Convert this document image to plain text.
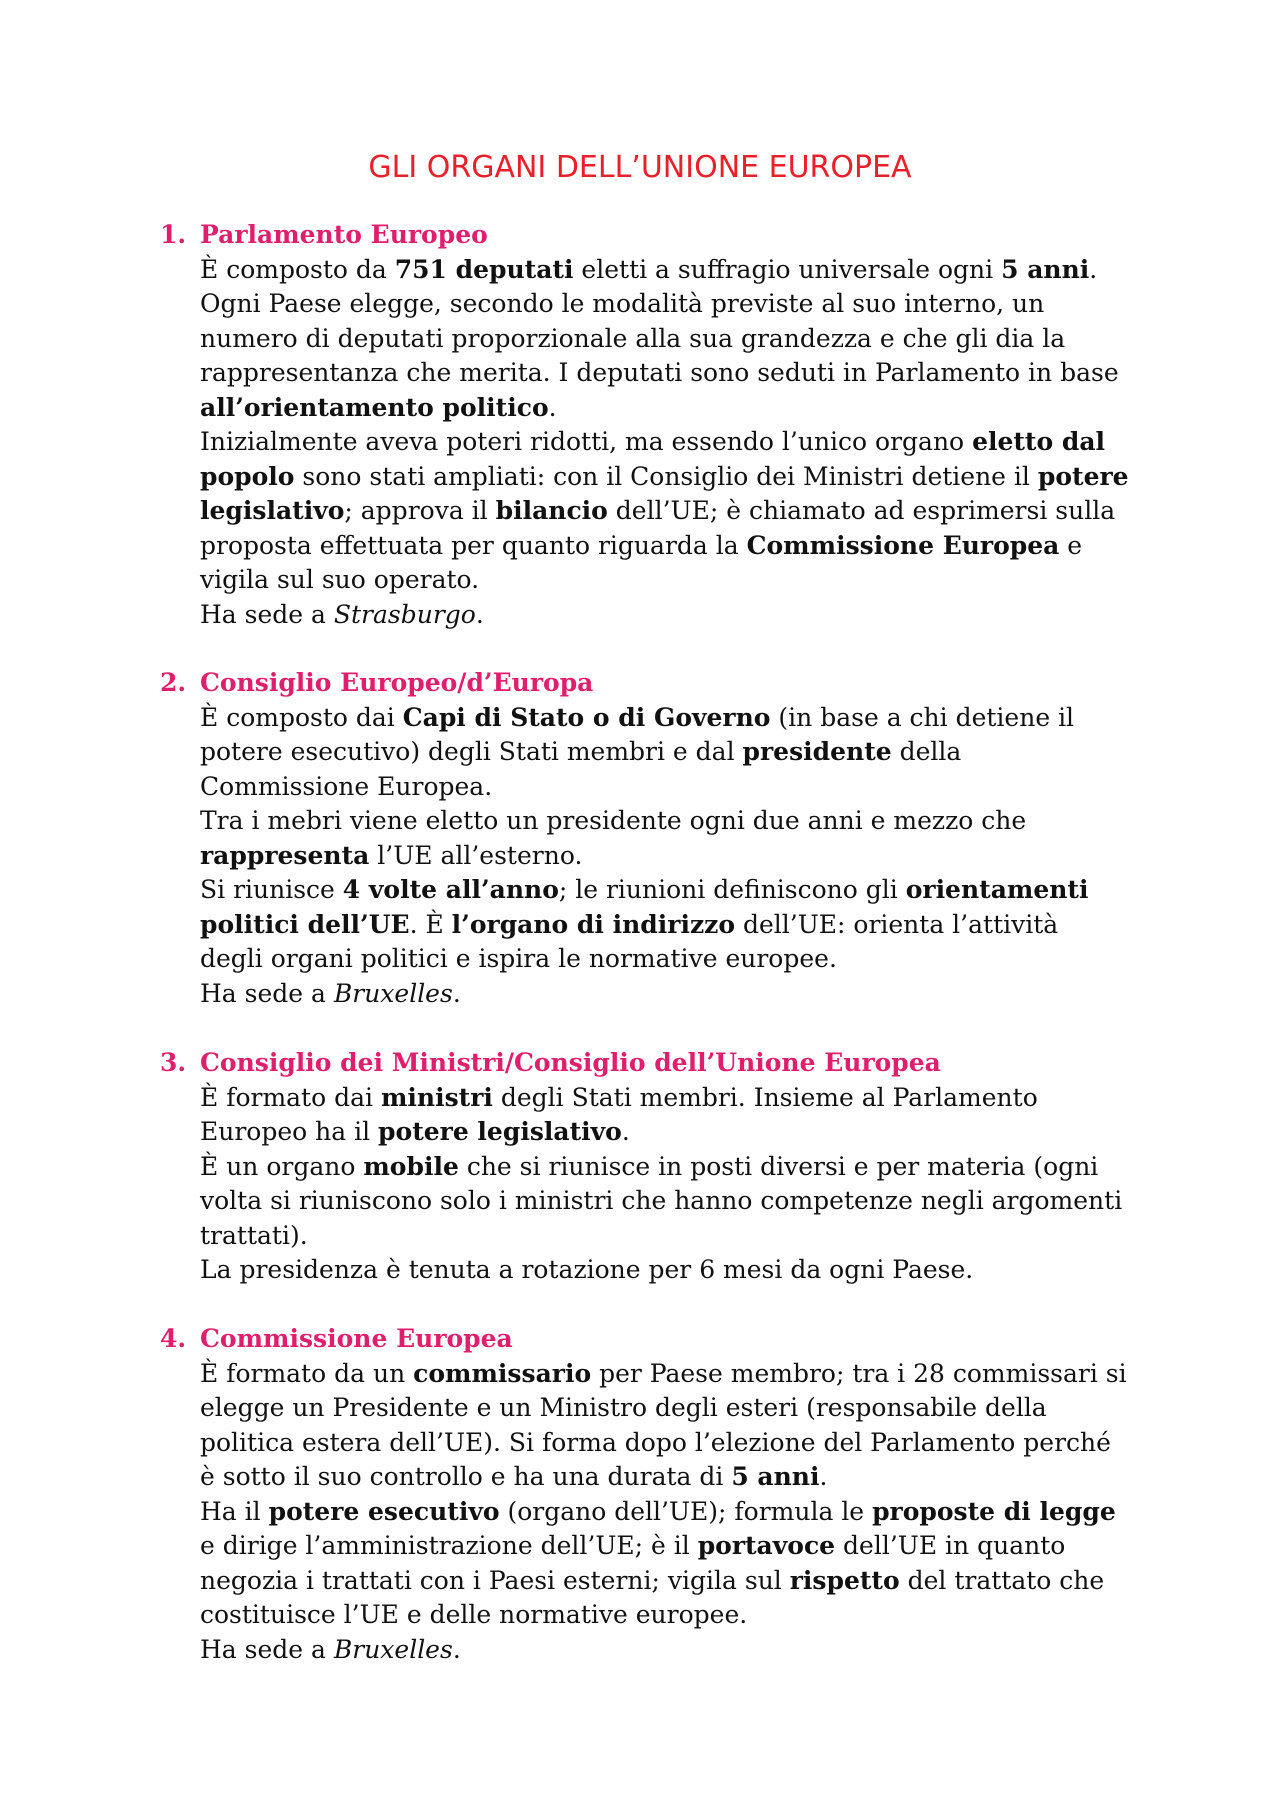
GLI ORGANI DELL’UNIONE EUROPEA
1. Parlamento Europeo
È composto da 751 deputati eletti a suffragio universale ogni 5 anni.
Ogni Paese elegge, secondo le modalità previste al suo interno, un
numero di deputati proporzionale alla sua grandezza e che gli dia la
rappresentanza che merita. I deputati sono seduti in Parlamento in base
all’orientamento politico.
Inizialmente aveva poteri ridotti, ma essendo l’unico organo eletto dal
popolo sono stati ampliati: con il Consiglio dei Ministri detiene il potere
legislativo; approva il bilancio dell’UE; è chiamato ad esprimersi sulla
proposta effettuata per quanto riguarda la Commissione Europea e
vigila sul suo operato.
Ha sede a Strasburgo.
2. Consiglio Europeo/d’Europa
È composto dai Capi di Stato o di Governo (in base a chi detiene il
potere esecutivo) degli Stati membri e dal presidente della
Commissione Europea.
Tra i mebri viene eletto un presidente ogni due anni e mezzo che
rappresenta l’UE all’esterno.
Si riunisce 4 volte all’anno; le riunioni definiscono gli orientamenti
politici dell’UE. È l’organo di indirizzo dell’UE: orienta l’attività
degli organi politici e ispira le normative europee.
Ha sede a Bruxelles.
3. Consiglio dei Ministri/Consiglio dell’Unione Europea
È formato dai ministri degli Stati membri. Insieme al Parlamento
Europeo ha il potere legislativo.
È un organo mobile che si riunisce in posti diversi e per materia (ogni
volta si riuniscono solo i ministri che hanno competenze negli argomenti
trattati).
La presidenza è tenuta a rotazione per 6 mesi da ogni Paese.
4. Commissione Europea
È formato da un commissario per Paese membro; tra i 28 commissari si
elegge un Presidente e un Ministro degli esteri (responsabile della
politica estera dell’UE). Si forma dopo l’elezione del Parlamento perché
è sotto il suo controllo e ha una durata di 5 anni.
Ha il potere esecutivo (organo dell’UE); formula le proposte di legge
e dirige l’amministrazione dell’UE; è il portavoce dell’UE in quanto
negozia i trattati con i Paesi esterni; vigila sul rispetto del trattato che
costituisce l’UE e delle normative europee.
Ha sede a Bruxelles.
